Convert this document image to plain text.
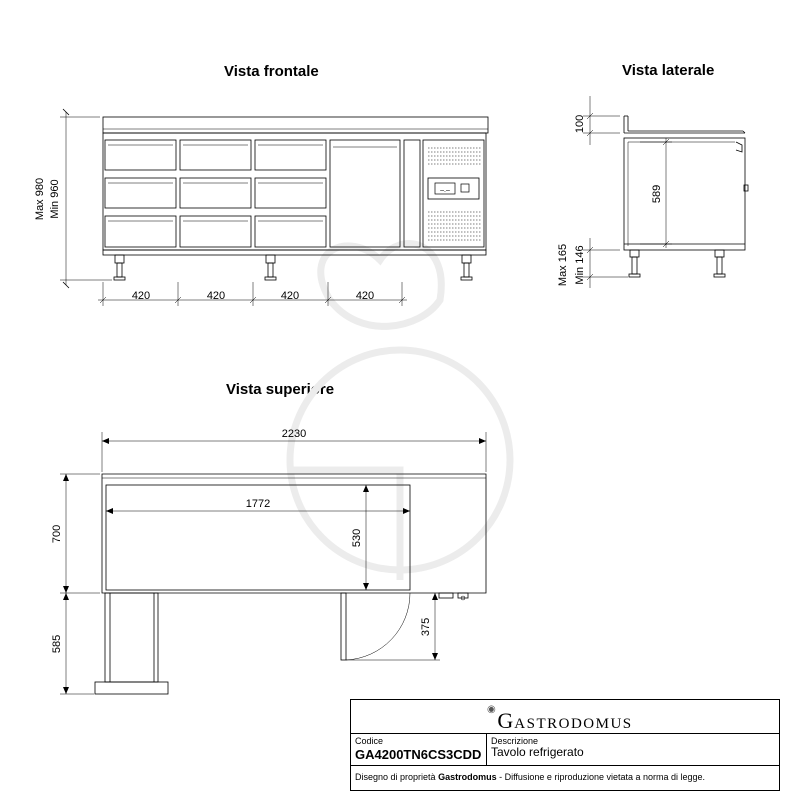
Vista frontale	Vista laterale
Vista superiore
–.–
Max 980 Min 960
420	420	420	420
100
589
Max 165 Min 146
2230
1772
530
700
585
375
◉ GASTRODOMUS
Codice
GA4200TN6CS3CDD
Descrizione
Tavolo refrigerato
Disegno di proprietà Gastrodomus - Diffusione e riproduzione vietata a norma di legge.
